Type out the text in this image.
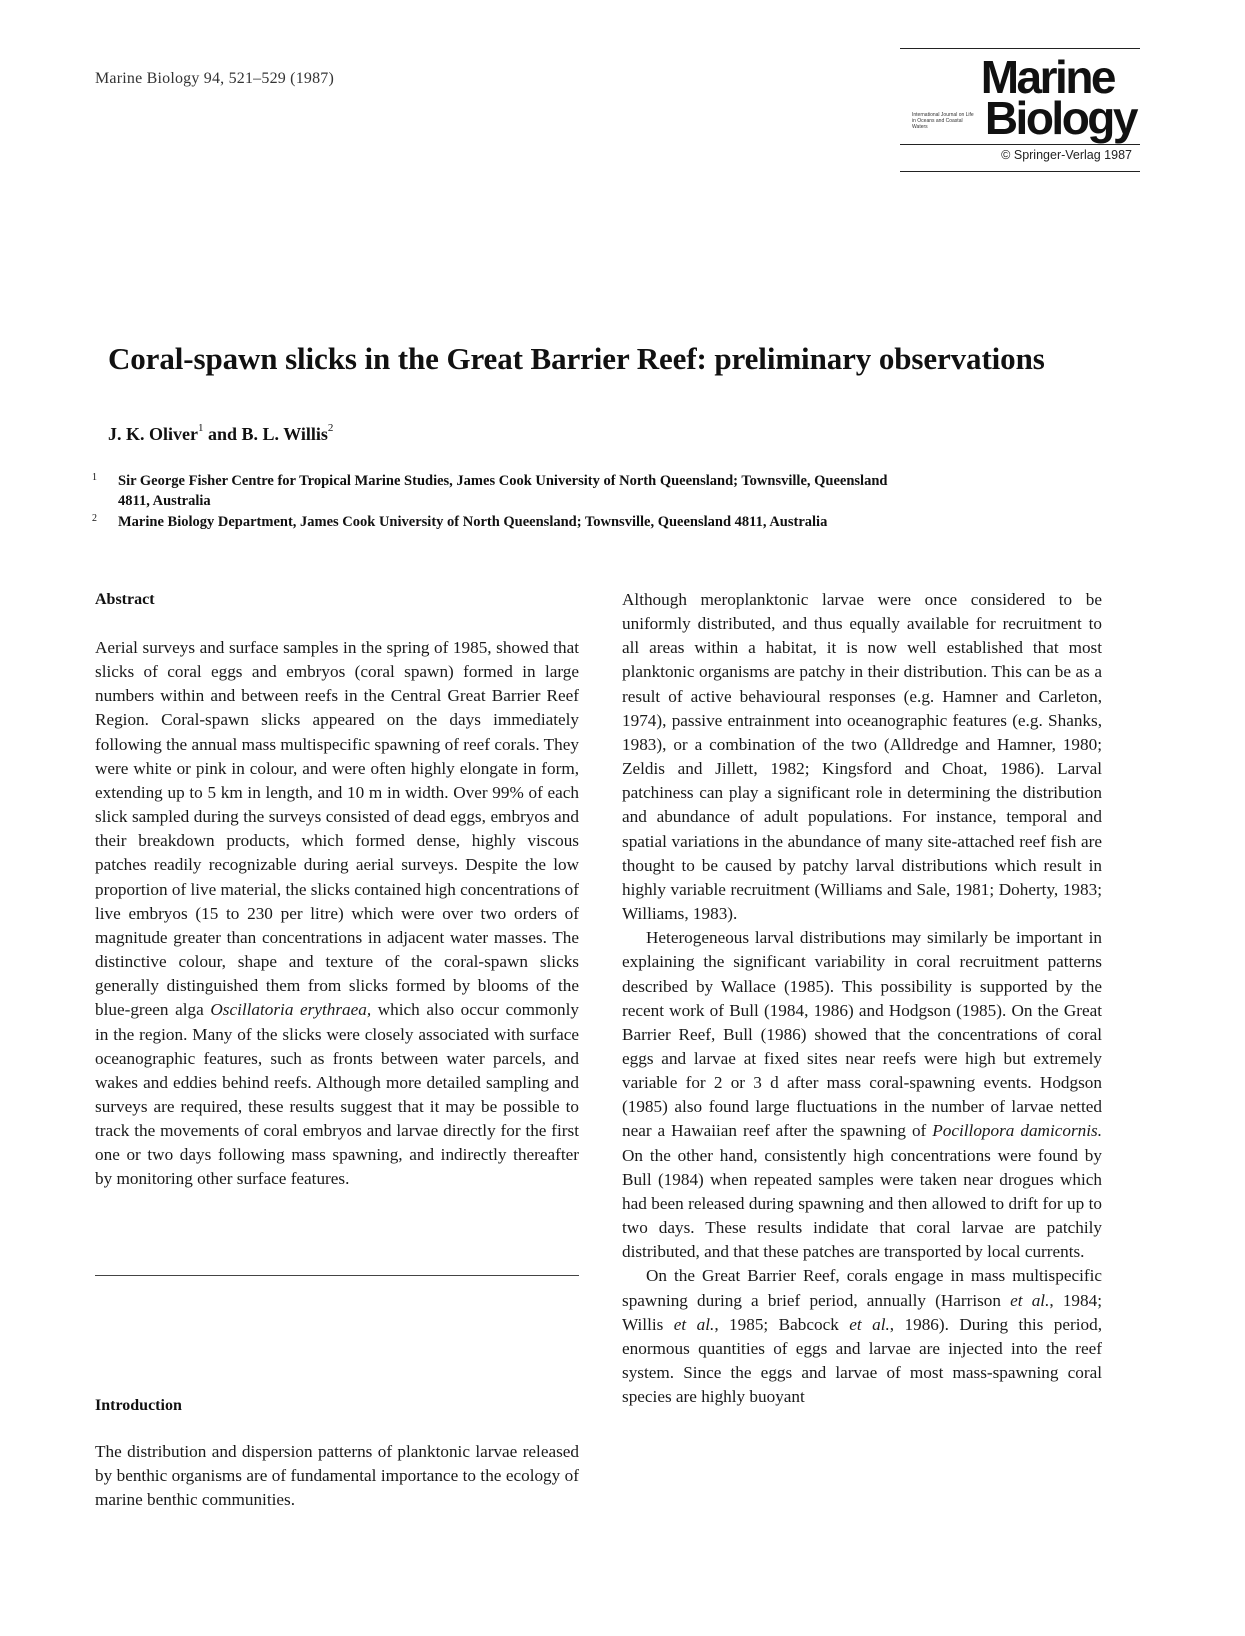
Marine Biology 94, 521–529 (1987)	Marine
International Journal on Life in Oceans and Coastal Waters	Biology
© Springer-Verlag 1987
Coral-spawn slicks in the Great Barrier Reef: preliminary observations
J. K. Oliver$^1$ and B. L. Willis$^2$
1 Sir George Fisher Centre for Tropical Marine Studies, James Cook University of North Queensland; Townsville, Queensland 4811, Australia
2 Marine Biology Department, James Cook University of North Queensland; Townsville, Queensland 4811, Australia
Abstract

Aerial surveys and surface samples in the spring of 1985, showed that slicks of coral eggs and embryos (coral spawn) formed in large numbers within and between reefs in the Central Great Barrier Reef Region. Coral-spawn slicks appeared on the days immediately following the annual mass multispecific spawning of reef corals. They were white or pink in colour, and were often highly elongate in form, extending up to 5 km in length, and 10 m in width. Over 99% of each slick sampled during the surveys consisted of dead eggs, embryos and their breakdown products, which formed dense, highly viscous patches readily recognizable during aerial surveys. Despite the low proportion of live material, the slicks contained high concentrations of live embryos (15 to 230 per litre) which were over two orders of magnitude greater than concentrations in adjacent water masses. The distinctive colour, shape and texture of the coral-spawn slicks generally distinguished them from slicks formed by blooms of the blue-green alga Oscillatoria erythraea, which also occur commonly in the region. Many of the slicks were closely associated with surface oceanographic features, such as fronts between water parcels, and wakes and eddies behind reefs. Although more detailed sampling and surveys are required, these results suggest that it may be possible to track the movements of coral embryos and larvae directly for the first one or two days following mass spawning, and indirectly thereafter by monitoring other surface features.

Introduction

The distribution and dispersion patterns of planktonic larvae released by benthic organisms are of fundamental importance to the ecology of marine benthic communities.

Although meroplanktonic larvae were once considered to be uniformly distributed, and thus equally available for recruitment to all areas within a habitat, it is now well established that most planktonic organisms are patchy in their distribution. This can be as a result of active behavioural responses (e.g. Hamner and Carleton, 1974), passive entrainment into oceanographic features (e.g. Shanks, 1983), or a combination of the two (Alldredge and Hamner, 1980; Zeldis and Jillett, 1982; Kingsford and Choat, 1986). Larval patchiness can play a significant role in determining the distribution and abundance of adult populations. For instance, temporal and spatial variations in the abundance of many site-attached reef fish are thought to be caused by patchy larval distributions which result in highly variable recruitment (Williams and Sale, 1981; Doherty, 1983; Williams, 1983).

Heterogeneous larval distributions may similarly be important in explaining the significant variability in coral recruitment patterns described by Wallace (1985). This possibility is supported by the recent work of Bull (1984, 1986) and Hodgson (1985). On the Great Barrier Reef, Bull (1986) showed that the concentrations of coral eggs and larvae at fixed sites near reefs were high but extremely variable for 2 or 3 d after mass coral-spawning events. Hodgson (1985) also found large fluctuations in the number of larvae netted near a Hawaiian reef after the spawning of Pocillopora damicornis. On the other hand, consistently high concentrations were found by Bull (1984) when repeated samples were taken near drogues which had been released during spawning and then allowed to drift for up to two days. These results indidate that coral larvae are patchily distributed, and that these patches are transported by local currents.

On the Great Barrier Reef, corals engage in mass multispecific spawning during a brief period, annually (Harrison et al., 1984; Willis et al., 1985; Babcock et al., 1986). During this period, enormous quantities of eggs and larvae are injected into the reef system. Since the eggs and larvae of most mass-spawning coral species are highly buoyant
